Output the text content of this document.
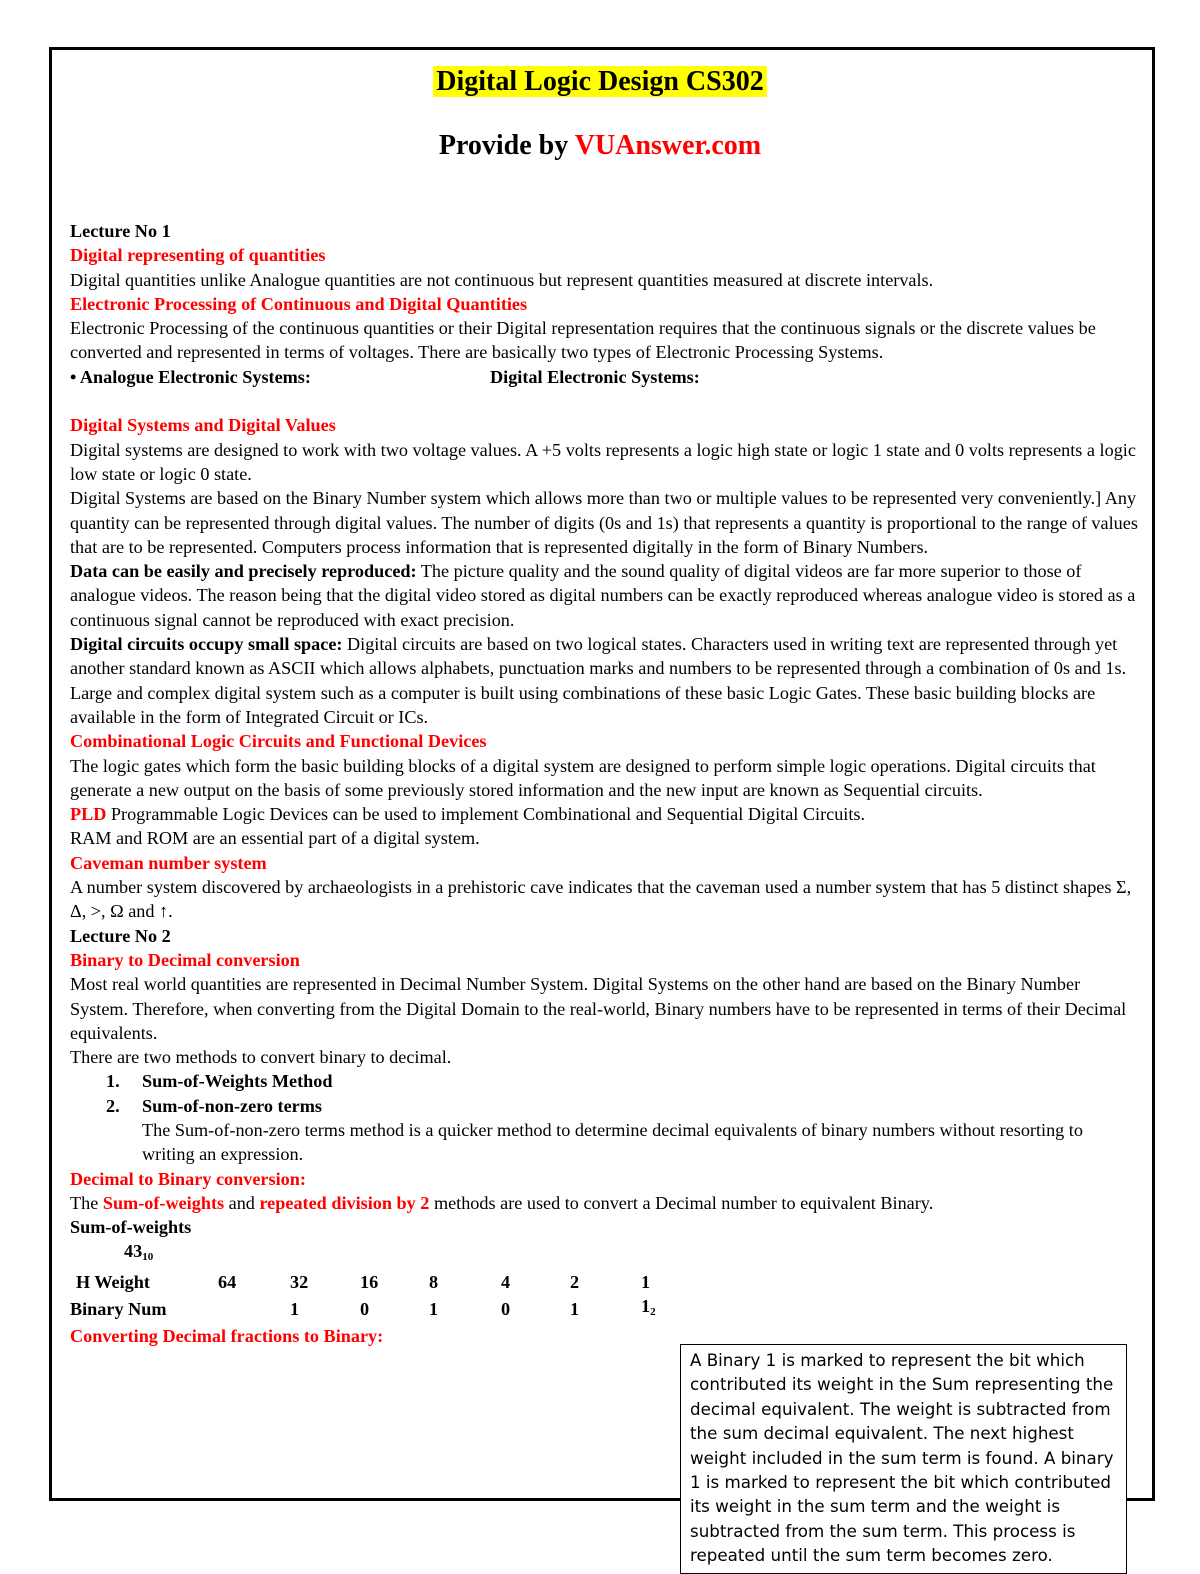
Digital Logic Design CS302
Provide by VUAnswer.com

Lecture No 1

Digital representing of quantities

Digital quantities unlike Analogue quantities are not continuous but represent quantities measured at discrete intervals.

Electronic Processing of Continuous and Digital Quantities

Electronic Processing of the continuous quantities or their Digital representation requires that the continuous signals or the discrete values be converted and represented in terms of voltages. There are basically two types of Electronic Processing Systems.

• Analogue Electronic Systems:	Digital Electronic Systems:

Digital Systems and Digital Values

Digital systems are designed to work with two voltage values. A +5 volts represents a logic high state or logic 1 state and 0 volts represents a logic low state or logic 0 state.

Digital Systems are based on the Binary Number system which allows more than two or multiple values to be represented very conveniently.] Any quantity can be represented through digital values. The number of digits (0s and 1s) that represents a quantity is proportional to the range of values that are to be represented. Computers process information that is represented digitally in the form of Binary Numbers.

Data can be easily and precisely reproduced: The picture quality and the sound quality of digital videos are far more superior to those of analogue videos. The reason being that the digital video stored as digital numbers can be exactly reproduced whereas analogue video is stored as a continuous signal cannot be reproduced with exact precision.

Digital circuits occupy small space: Digital circuits are based on two logical states. Characters used in writing text are represented through yet another standard known as ASCII which allows alphabets, punctuation marks and numbers to be represented through a combination of 0s and 1s. Large and complex digital system such as a computer is built using combinations of these basic Logic Gates. These basic building blocks are available in the form of Integrated Circuit or ICs.

Combinational Logic Circuits and Functional Devices

The logic gates which form the basic building blocks of a digital system are designed to perform simple logic operations. Digital circuits that generate a new output on the basis of some previously stored information and the new input are known as Sequential circuits.

PLD Programmable Logic Devices can be used to implement Combinational and Sequential Digital Circuits.

RAM and ROM are an essential part of a digital system.

Caveman number system

A number system discovered by archaeologists in a prehistoric cave indicates that the caveman used a number system that has 5 distinct shapes Σ, Δ, >, Ω and ↑.

Lecture No 2

Binary to Decimal conversion

Most real world quantities are represented in Decimal Number System. Digital Systems on the other hand are based on the Binary Number System. Therefore, when converting from the Digital Domain to the real-world, Binary numbers have to be represented in terms of their Decimal equivalents.

There are two methods to convert binary to decimal.

1. Sum-of-Weights Method
2. Sum-of-non-zero terms

The Sum-of-non-zero terms method is a quicker method to determine decimal equivalents of binary numbers without resorting to writing an expression.

Decimal to Binary conversion:

The Sum-of-weights and repeated division by 2 methods are used to convert a Decimal number to equivalent Binary.

Sum-of-weights

$43_{10}$

H Weight	64	32	16	8	4	2	1
Binary Num		1	0	1	0	1	$1_2$

Converting Decimal fractions to Binary:

A Binary 1 is marked to represent the bit which contributed its weight in the Sum representing the decimal equivalent. The weight is subtracted from the sum decimal equivalent. The next highest weight included in the sum term is found. A binary 1 is marked to represent the bit which contributed its weight in the sum term and the weight is subtracted from the sum term. This process is repeated until the sum term becomes zero.
